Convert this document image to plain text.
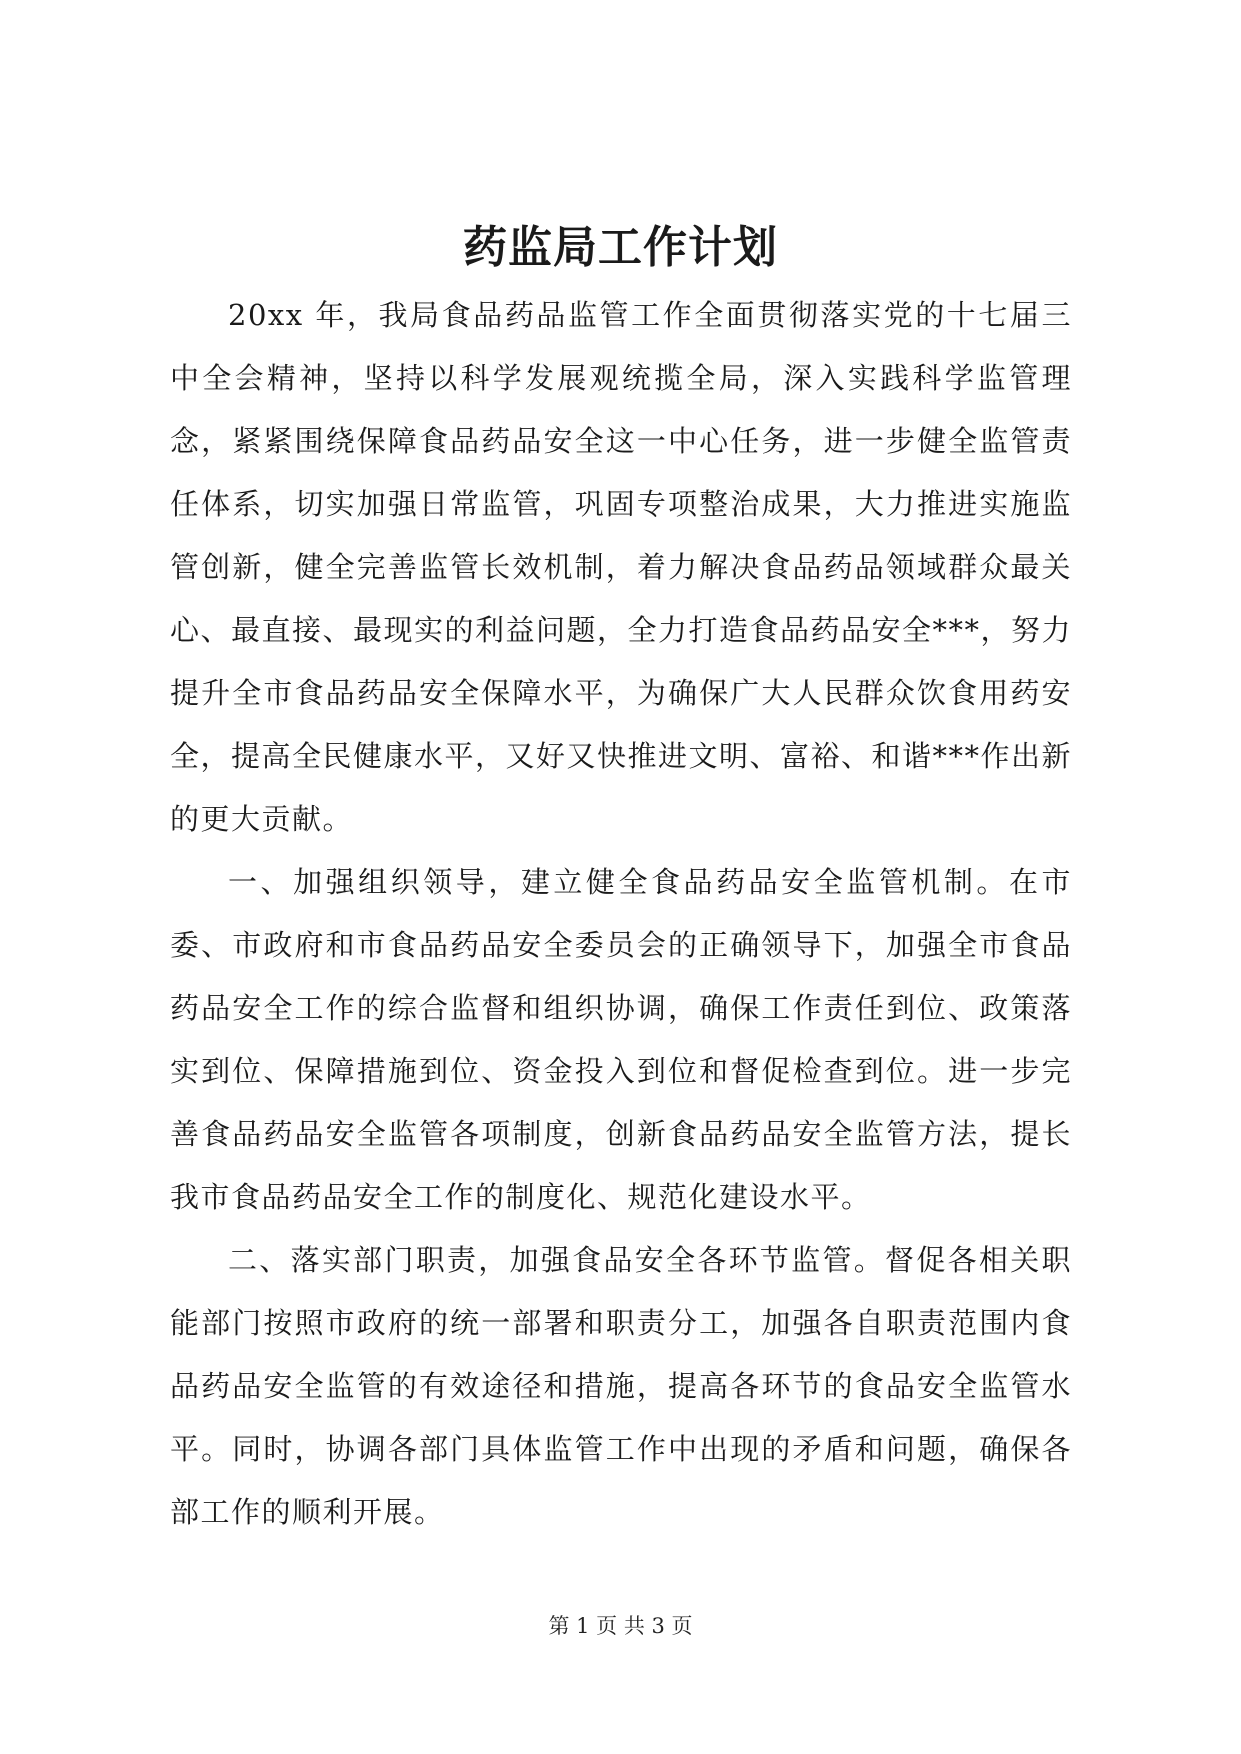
药监局工作计划

20xx 年，我局食品药品监管工作全面贯彻落实党的十七届三中全会精神，坚持以科学发展观统揽全局，深入实践科学监管理念，紧紧围绕保障食品药品安全这一中心任务，进一步健全监管责任体系，切实加强日常监管，巩固专项整治成果，大力推进实施监管创新，健全完善监管长效机制，着力解决食品药品领域群众最关心、最直接、最现实的利益问题，全力打造食品药品安全***，努力提升全市食品药品安全保障水平，为确保广大人民群众饮食用药安全，提高全民健康水平，又好又快推进文明、富裕、和谐***作出新的更大贡献。

一、加强组织领导，建立健全食品药品安全监管机制。在市委、市政府和市食品药品安全委员会的正确领导下，加强全市食品药品安全工作的综合监督和组织协调，确保工作责任到位、政策落实到位、保障措施到位、资金投入到位和督促检查到位。进一步完善食品药品安全监管各项制度，创新食品药品安全监管方法，提长我市食品药品安全工作的制度化、规范化建设水平。

二、落实部门职责，加强食品安全各环节监管。督促各相关职能部门按照市政府的统一部署和职责分工，加强各自职责范围内食品药品安全监管的有效途径和措施，提高各环节的食品安全监管水平。同时，协调各部门具体监管工作中出现的矛盾和问题，确保各部工作的顺利开展。

第 1 页 共 3 页
